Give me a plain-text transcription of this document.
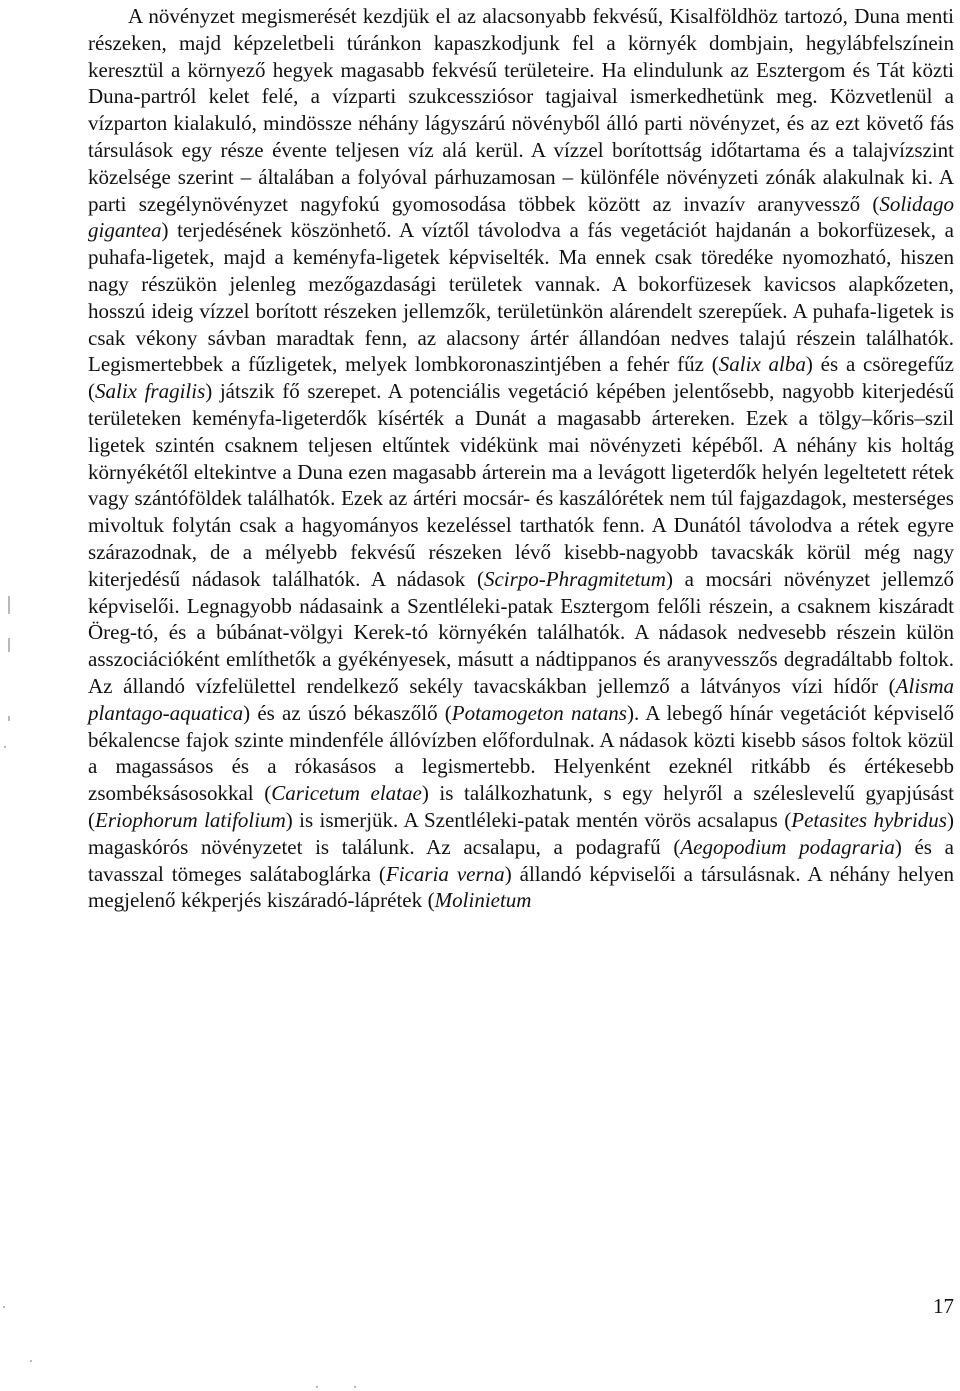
A növényzet megismerését kezdjük el az alacsonyabb fekvésű, Kisalföldhöz tartozó, Duna menti részeken, majd képzeletbeli túránkon kapaszkodjunk fel a környék dombjain, hegylábfelszínein keresztül a környező hegyek magasabb fekvésű területeire. Ha elindulunk az Esztergom és Tát közti Duna-partról kelet felé, a vízparti szukcessziósor tagjaival ismerkedhetünk meg. Közvetlenül a vízparton kialakuló, mindössze néhány lágyszárú növényből álló parti növényzet, és az ezt követő fás társulások egy része évente teljesen víz alá kerül. A vízzel borítottság időtartama és a talajvízszint közelsége szerint – általában a folyóval párhuzamosan – különféle növényzeti zónák alakulnak ki. A parti szegélynövényzet nagyfokú gyomosodása többek között az invazív aranyvessző (Solidago gigantea) terjedésének köszönhető. A víztől távolodva a fás vegetációt hajdanán a bokorfüzesek, a puhafa-ligetek, majd a keményfa-ligetek képviselték. Ma ennek csak töredéke nyomozható, hiszen nagy részükön jelenleg mezőgazdasági területek vannak. A bokorfüzesek kavicsos alapkőzeten, hosszú ideig vízzel borított részeken jellemzők, területünkön alárendelt szerepűek. A puhafa-ligetek is csak vékony sávban maradtak fenn, az alacsony ártér állandóan nedves talajú részein találhatók. Legismertebbek a fűzligetek, melyek lombkoronaszintjében a fehér fűz (Salix alba) és a csöregefűz (Salix fragilis) játszik fő szerepet. A potenciális vegetáció képében jelentősebb, nagyobb kiterjedésű területeken keményfa-ligeterdők kísérték a Dunát a magasabb ártereken. Ezek a tölgy–kőris–szil ligetek szintén csaknem teljesen eltűntek vidékünk mai növényzeti képéből. A néhány kis holtág környékétől eltekintve a Duna ezen magasabb árterein ma a levágott ligeterdők helyén legeltetett rétek vagy szántóföldek találhatók. Ezek az ártéri mocsár- és kaszálórétek nem túl fajgazdagok, mesterséges mivoltuk folytán csak a hagyományos kezeléssel tarthatók fenn. A Dunától távolodva a rétek egyre szárazodnak, de a mélyebb fekvésű részeken lévő kisebb-nagyobb tavacskák körül még nagy kiterjedésű nádasok találhatók. A nádasok (Scirpo-Phragmitetum) a mocsári növényzet jellemző képviselői. Legnagyobb nádasaink a Szentléleki-patak Esztergom felőli részein, a csaknem kiszáradt Öreg-tó, és a búbánat-völgyi Kerek-tó környékén találhatók. A nádasok nedvesebb részein külön asszociációként említhetők a gyékényesek, másutt a nádtippanos és aranyvesszős degradáltabb foltok. Az állandó vízfelülettel rendelkező sekély tavacskákban jellemző a látványos vízi hídőr (Alisma plantago-aquatica) és az úszó békaszőlő (Potamogeton natans). A lebegő hínár vegetációt képviselő békalencse fajok szinte mindenféle állóvízben előfordulnak. A nádasok közti kisebb sásos foltok közül a magassásos és a rókasásos a legismertebb. Helyenként ezeknél ritkább és értékesebb zsombéksásosokkal (Caricetum elatae) is találkozhatunk, s egy helyről a széleslevelű gyapjúsást (Eriophorum latifolium) is ismerjük. A Szentléleki-patak mentén vörös acsalapus (Petasites hybridus) magaskórós növényzetet is találunk. Az acsalapu, a podagrafű (Aegopodium podagraria) és a tavasszal tömeges salátaboglárka (Ficaria verna) állandó képviselői a társulásnak. A néhány helyen megjelenő kékperjés kiszáradó-láprétek (Molinietum

17
